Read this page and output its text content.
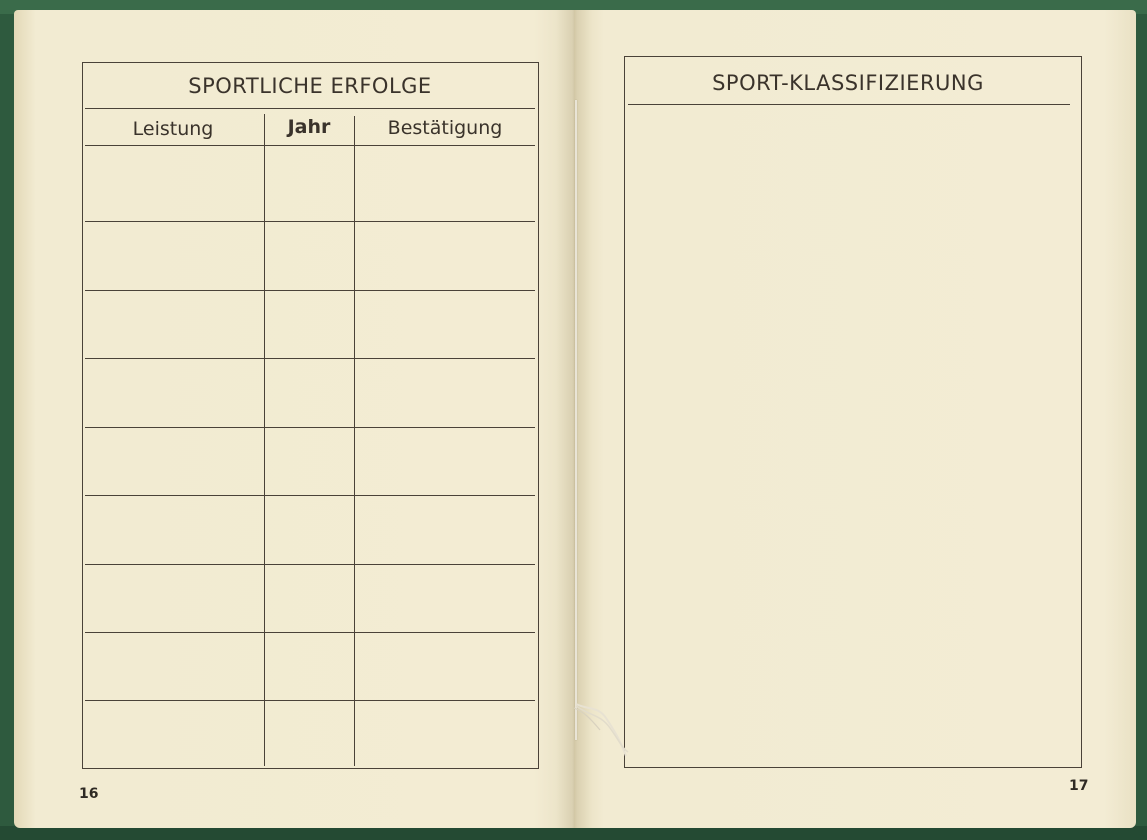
SPORTLICHE ERFOLGE
Leistung	Jahr	Bestätigung
16
SPORT-KLASSIFIZIERUNG
17
